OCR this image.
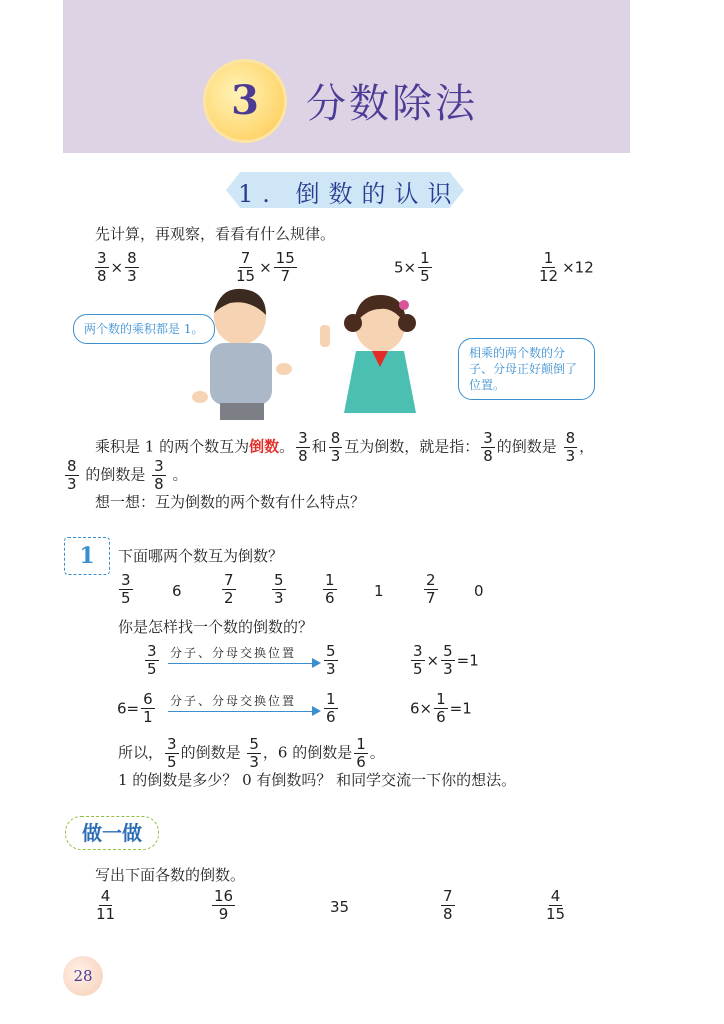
3	分数除法
1. 倒数的认识
先计算，再观察，看看有什么规律。
$\frac{3}{8} \times \frac{8}{3}$	$\frac{7}{15} \times \frac{15}{7}$	$5\times \frac{1}{5}$	$\frac{1}{12} \times 12$
两个数的乘积都是 1。
相乘的两个数的分子、分母正好颠倒了位置。
乘积是 1 的两个数互为倒数。 $\frac{3}{8}$ 和 $\frac{8}{3}$ 互为倒数，就是指： $\frac{3}{8}$ 的倒数是 $\frac{8}{3}$ ，
$\frac{8}{3}$ 的倒数是 $\frac{3}{8}$ 。
想一想：互为倒数的两个数有什么特点？
1	下面哪两个数互为倒数？
$\frac{3}{5}$	6	$\frac{7}{2} \frac{5}{3} \frac{1}{6} 1$	$\frac{2}{7} 0$
你是怎样找一个数的倒数的？
$\frac{3}{5}$ 分子、分母交换位置 $\frac{5}{3}$	$\frac{3}{5} \times \frac{5}{3} =1$
$6= \frac{6}{1}$ 分子、分母交换位置 $\frac{1}{6}$	$6\times \frac{1}{6} =1$
所以， $\frac{3}{5}$ 的倒数是 $\frac{5}{3}$ ，6 的倒数是 $\frac{1}{6}$ 。
1 的倒数是多少？ 0 有倒数吗？ 和同学交流一下你的想法。
做一做
写出下面各数的倒数。
$\frac{4}{11}$	$\frac{16}{9}$	35	$\frac{7}{8}$	$\frac{4}{15}$
28
